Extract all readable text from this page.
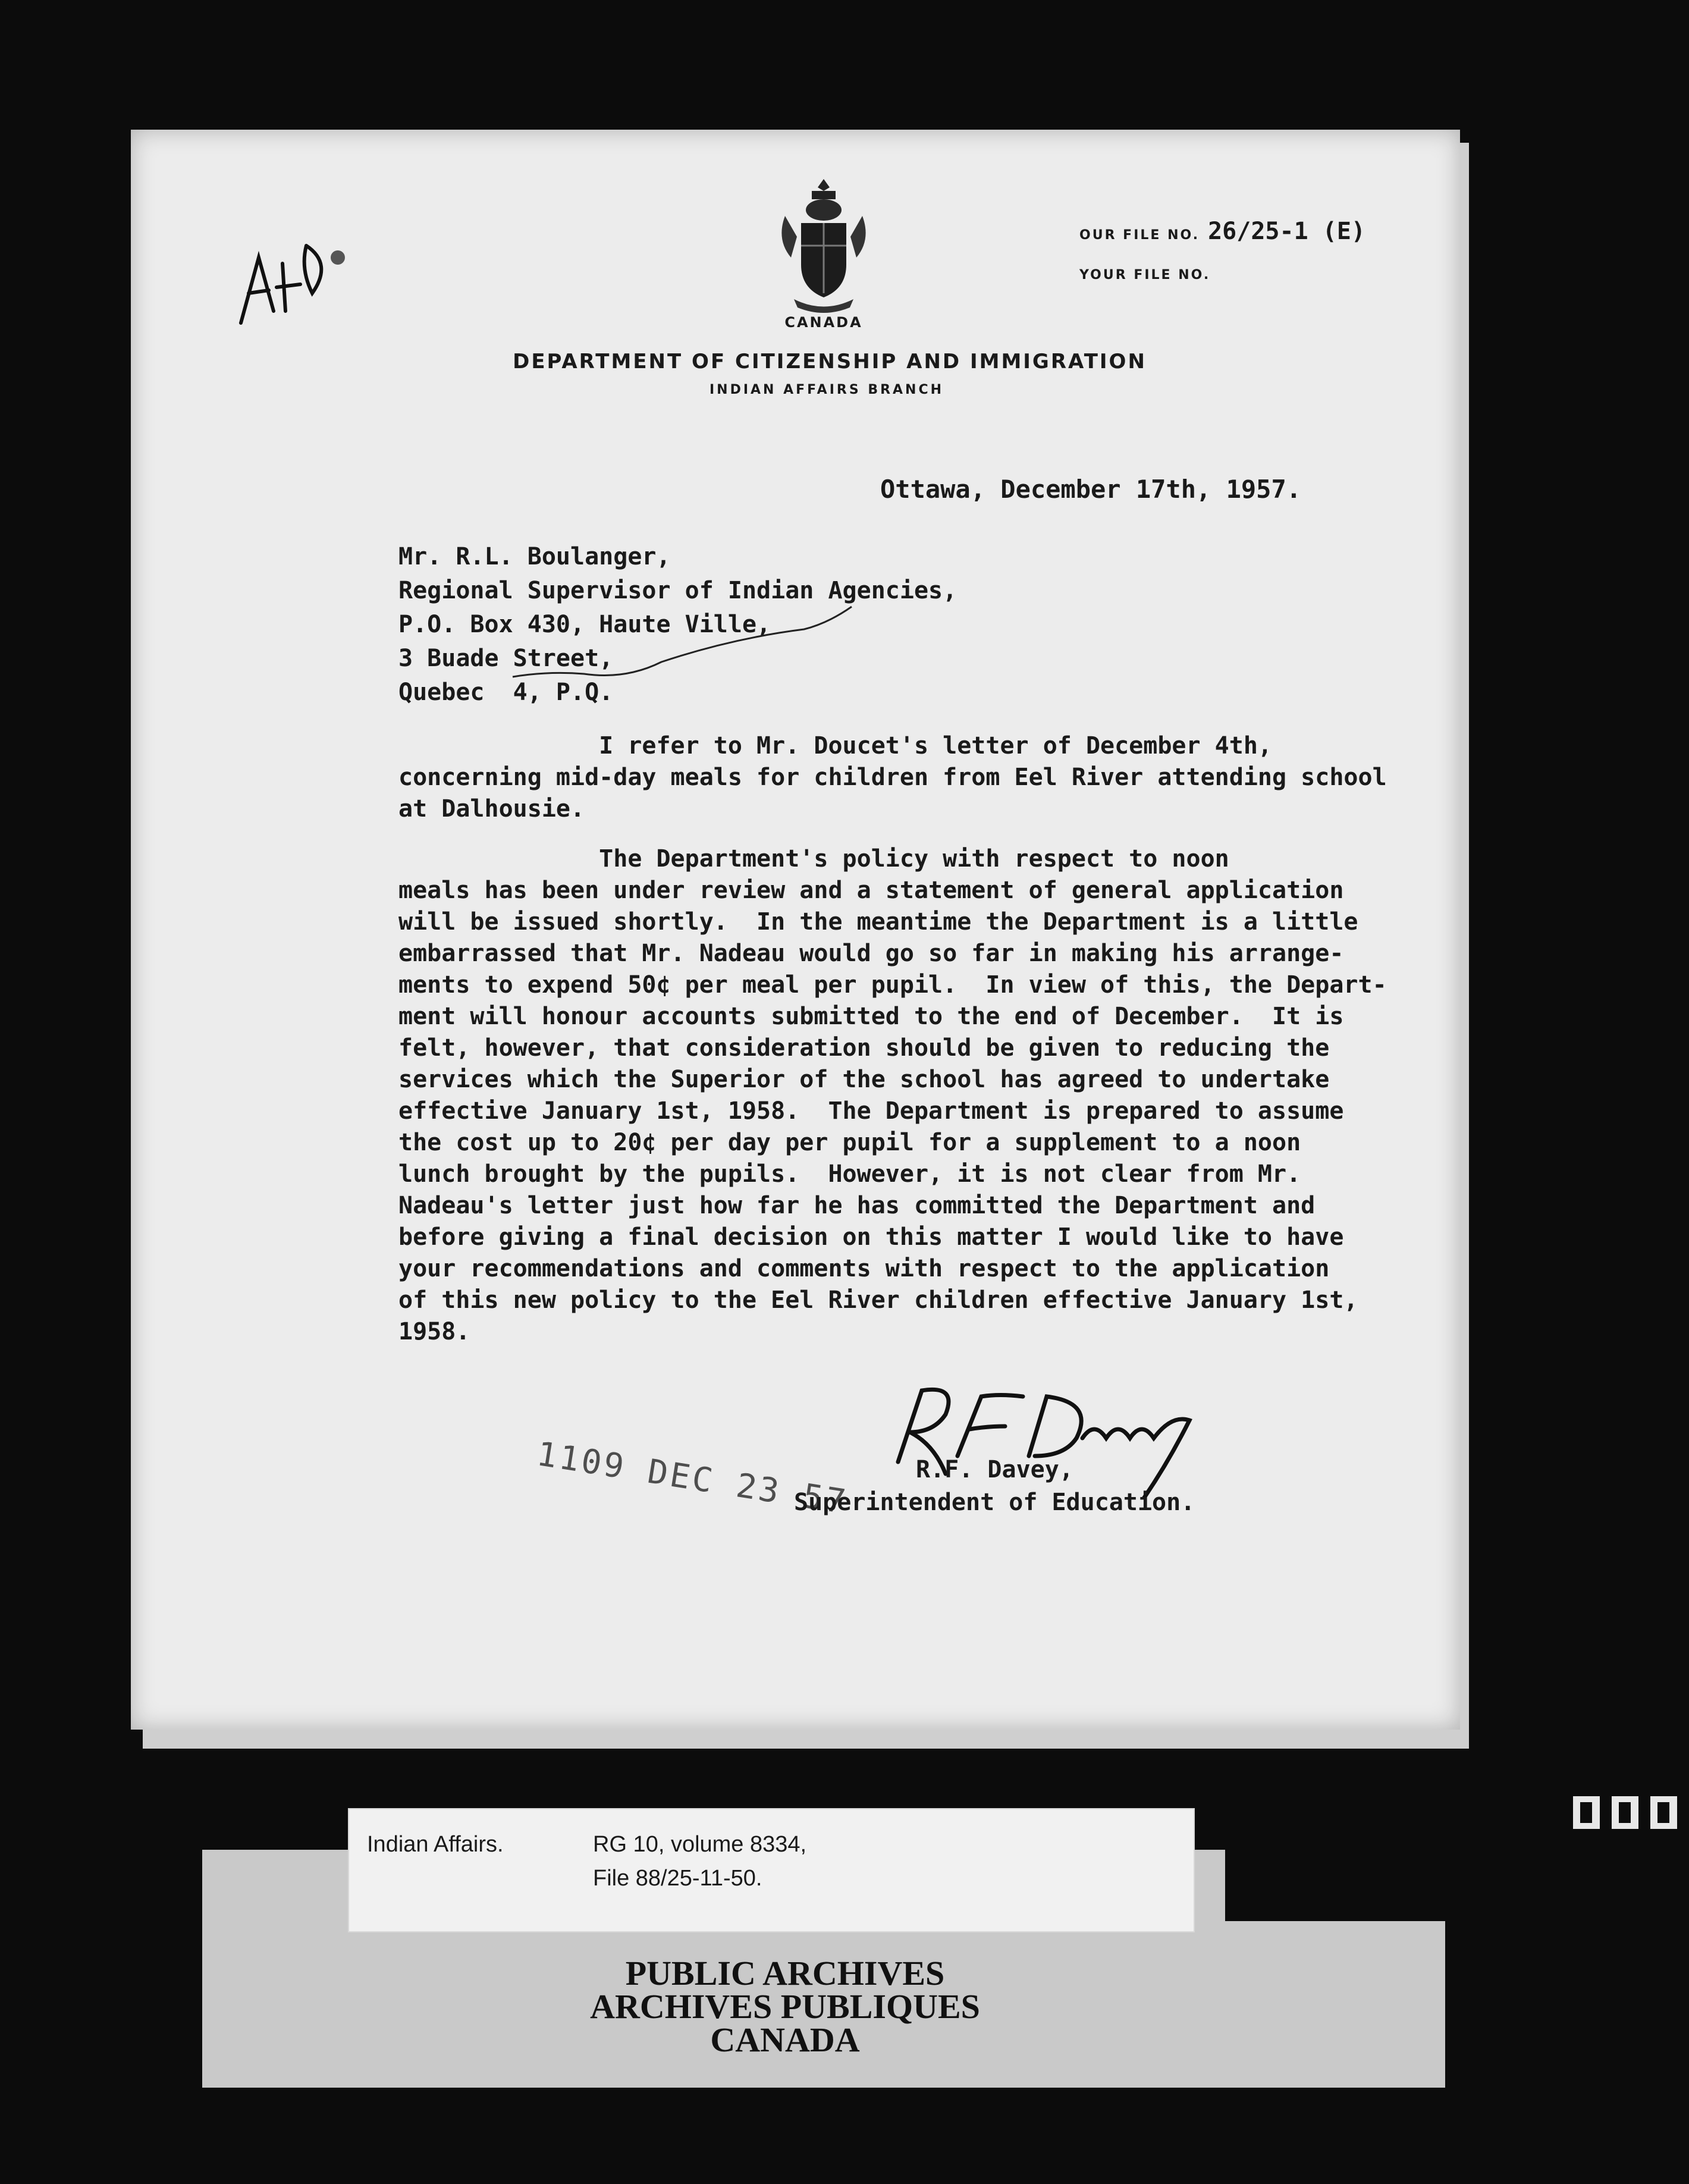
CANADA
DEPARTMENT OF CITIZENSHIP AND IMMIGRATION
INDIAN AFFAIRS BRANCH
OUR FILE NO. 26/25-1 (E)
YOUR FILE NO.
Ottawa, December 17th, 1957.
Mr. R.L. Boulanger,
Regional Supervisor of Indian Agencies,
P.O. Box 430, Haute Ville,
3 Buade Street,
Quebec  4, P.Q.
I refer to Mr. Doucet's letter of December 4th,
concerning mid-day meals for children from Eel River attending school
at Dalhousie.
The Department's policy with respect to noon
meals has been under review and a statement of general application
will be issued shortly.  In the meantime the Department is a little
embarrassed that Mr. Nadeau would go so far in making his arrange-
ments to expend 50¢ per meal per pupil.  In view of this, the Depart-
ment will honour accounts submitted to the end of December.  It is
felt, however, that consideration should be given to reducing the
services which the Superior of the school has agreed to undertake
effective January 1st, 1958.  The Department is prepared to assume
the cost up to 20¢ per day per pupil for a supplement to a noon
lunch brought by the pupils.  However, it is not clear from Mr.
Nadeau's letter just how far he has committed the Department and
before giving a final decision on this matter I would like to have
your recommendations and comments with respect to the application
of this new policy to the Eel River children effective January 1st,
1958.
1109 DEC 23 57	R.F. Davey,
Superintendent of Education.
Indian Affairs.	RG 10, volume 8334,
File 88/25-11-50.
PUBLIC ARCHIVES
ARCHIVES PUBLIQUES
CANADA
